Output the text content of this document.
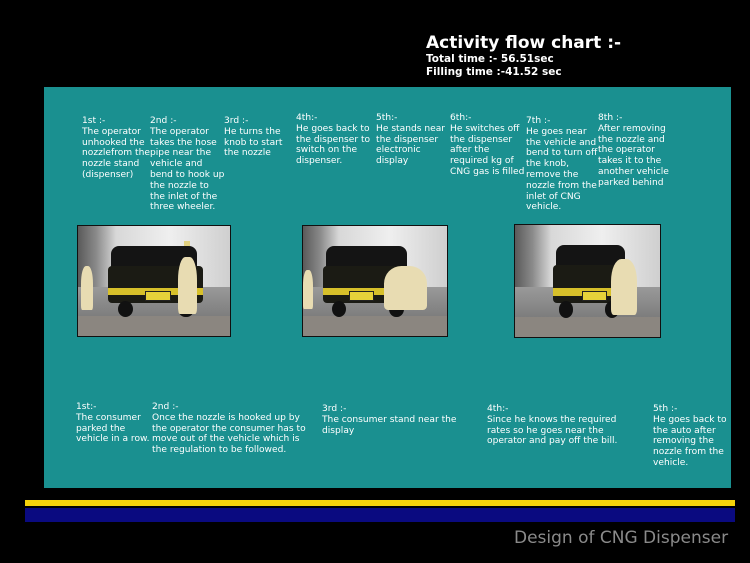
Activity flow chart :-
Total time :- 56.51sec
Filling time :-41.52 sec
1st :-
The operator unhooked the nozzlefrom the nozzle stand (dispenser)
2nd :-
The operator takes the hose pipe near the vehicle and bend to hook up the nozzle to the inlet of the three wheeler.
3rd :-
He turns the knob to start the nozzle
4th:-
He goes back to the dispenser to switch on the dispenser.
5th:-
He stands near the dispenser electronic display
6th:-
He switches off the dispenser after the required kg of CNG gas is filled
7th :-
He goes near the vehicle and bend to turn off the knob, remove the nozzle from the inlet of CNG vehicle.
8th :-
After removing the nozzle and the operator takes it to the another vehicle parked behind
1st:-
The consumer parked the vehicle in a row.
2nd :-
Once the nozzle is hooked up by the operator the consumer has to move out of the vehicle which is the regulation to be followed.
3rd :-
The consumer stand near the display
4th:-
Since he knows the required rates so he goes near the operator and pay off the bill.
5th :-
He goes back to the auto after removing the nozzle from the vehicle.
Design of CNG Dispenser
